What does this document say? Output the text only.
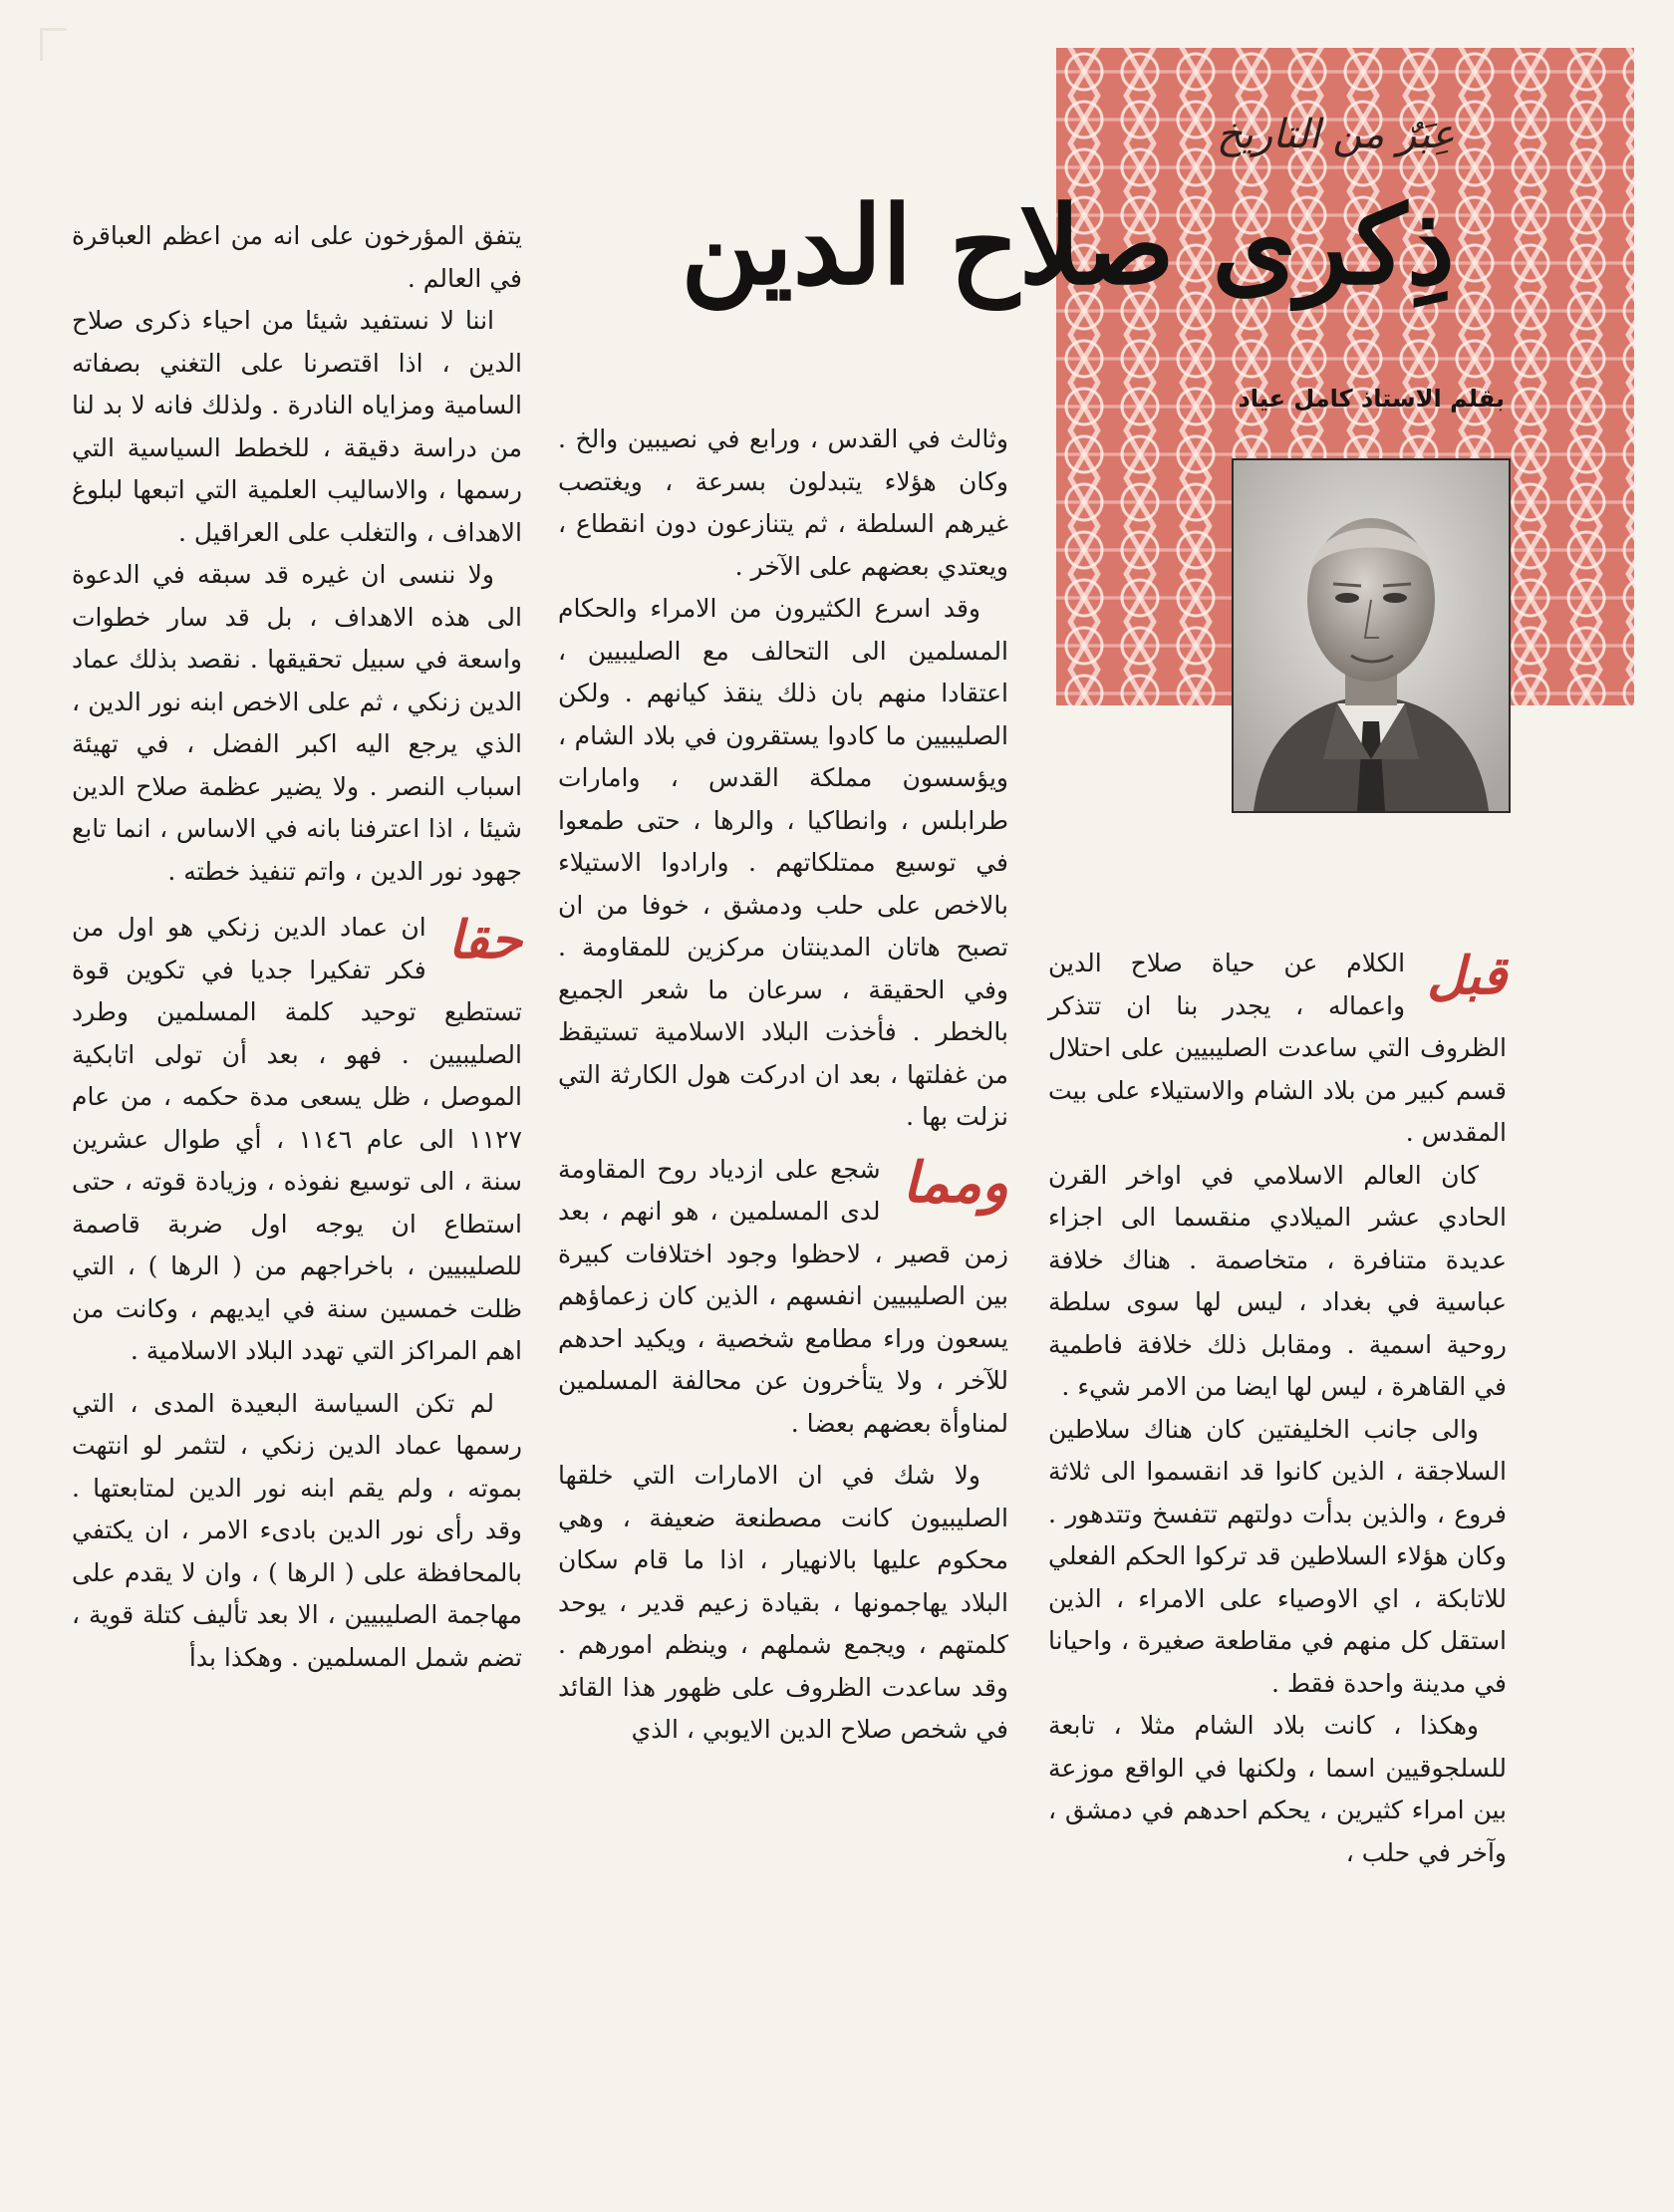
عِبَرٌ من التاريخ
ذِكرى صلاح الدين
بقلم الاستاذ كامل عياد

يتفق المؤرخون على انه من اعظم العباقرة في العالم .

اننا لا نستفيد شيئا من احياء ذكرى صلاح الدين ، اذا اقتصرنا على التغني بصفاته السامية ومزاياه النادرة . ولذلك فانه لا بد لنا من دراسة دقيقة ، للخطط السياسية التي رسمها ، والاساليب العلمية التي اتبعها لبلوغ الاهداف ، والتغلب على العراقيل .

ولا ننسى ان غيره قد سبقه في الدعوة الى هذه الاهداف ، بل قد سار خطوات واسعة في سبيل تحقيقها . نقصد بذلك عماد الدين زنكي ، ثم على الاخص ابنه نور الدين ، الذي يرجع اليه اكبر الفضل ، في تهيئة اسباب النصر . ولا يضير عظمة صلاح الدين شيئا ، اذا اعترفنا بانه في الاساس ، انما تابع جهود نور الدين ، واتم تنفيذ خطته .

حقا
ان عماد الدين زنكي هو اول من فكر تفكيرا جديا في تكوين قوة تستطيع توحيد كلمة المسلمين وطرد الصليبيين . فهو ، بعد أن تولى اتابكية الموصل ، ظل يسعى مدة حكمه ، من عام ١١٢٧ الى عام ١١٤٦ ، أي طوال عشرين سنة ، الى توسيع نفوذه ، وزيادة قوته ، حتى استطاع ان يوجه اول ضربة قاصمة للصليبيين ، باخراجهم من ( الرها ) ، التي ظلت خمسين سنة في ايديهم ، وكانت من اهم المراكز التي تهدد البلاد الاسلامية .

لم تكن السياسة البعيدة المدى ، التي رسمها عماد الدين زنكي ، لتثمر لو انتهت بموته ، ولم يقم ابنه نور الدين لمتابعتها . وقد رأى نور الدين بادىء الامر ، ان يكتفي بالمحافظة على ( الرها ) ، وان لا يقدم على مهاجمة الصليبيين ، الا بعد تأليف كتلة قوية ، تضم شمل المسلمين . وهكذا بدأ

وثالث في القدس ، ورابع في نصيبين والخ . وكان هؤلاء يتبدلون بسرعة ، ويغتصب غيرهم السلطة ، ثم يتنازعون دون انقطاع ، ويعتدي بعضهم على الآخر .

وقد اسرع الكثيرون من الامراء والحكام المسلمين الى التحالف مع الصليبيين ، اعتقادا منهم بان ذلك ينقذ كيانهم . ولكن الصليبيين ما كادوا يستقرون في بلاد الشام ، ويؤسسون مملكة القدس ، وامارات طرابلس ، وانطاكيا ، والرها ، حتى طمعوا في توسيع ممتلكاتهم . وارادوا الاستيلاء بالاخص على حلب ودمشق ، خوفا من ان تصبح هاتان المدينتان مركزين للمقاومة . وفي الحقيقة ، سرعان ما شعر الجميع بالخطر . فأخذت البلاد الاسلامية تستيقظ من غفلتها ، بعد ان ادركت هول الكارثة التي نزلت بها .

ومما
شجع على ازدياد روح المقاومة لدى المسلمين ، هو انهم ، بعد زمن قصير ، لاحظوا وجود اختلافات كبيرة بين الصليبيين انفسهم ، الذين كان زعماؤهم يسعون وراء مطامع شخصية ، ويكيد احدهم للآخر ، ولا يتأخرون عن محالفة المسلمين لمناوأة بعضهم بعضا .

ولا شك في ان الامارات التي خلقها الصليبيون كانت مصطنعة ضعيفة ، وهي محكوم عليها بالانهيار ، اذا ما قام سكان البلاد يهاجمونها ، بقيادة زعيم قدير ، يوحد كلمتهم ، ويجمع شملهم ، وينظم امورهم . وقد ساعدت الظروف على ظهور هذا القائد في شخص صلاح الدين الايوبي ، الذي

قبل
الكلام عن حياة صلاح الدين واعماله ، يجدر بنا ان تتذكر الظروف التي ساعدت الصليبيين على احتلال قسم كبير من بلاد الشام والاستيلاء على بيت المقدس .

كان العالم الاسلامي في اواخر القرن الحادي عشر الميلادي منقسما الى اجزاء عديدة متنافرة ، متخاصمة . هناك خلافة عباسية في بغداد ، ليس لها سوى سلطة روحية اسمية . ومقابل ذلك خلافة فاطمية في القاهرة ، ليس لها ايضا من الامر شيء .

والى جانب الخليفتين كان هناك سلاطين السلاجقة ، الذين كانوا قد انقسموا الى ثلاثة فروع ، والذين بدأت دولتهم تتفسخ وتتدهور . وكان هؤلاء السلاطين قد تركوا الحكم الفعلي للاتابكة ، اي الاوصياء على الامراء ، الذين استقل كل منهم في مقاطعة صغيرة ، واحيانا في مدينة واحدة فقط .

وهكذا ، كانت بلاد الشام مثلا ، تابعة للسلجوقيين اسما ، ولكنها في الواقع موزعة بين امراء كثيرين ، يحكم احدهم في دمشق ، وآخر في حلب ،
